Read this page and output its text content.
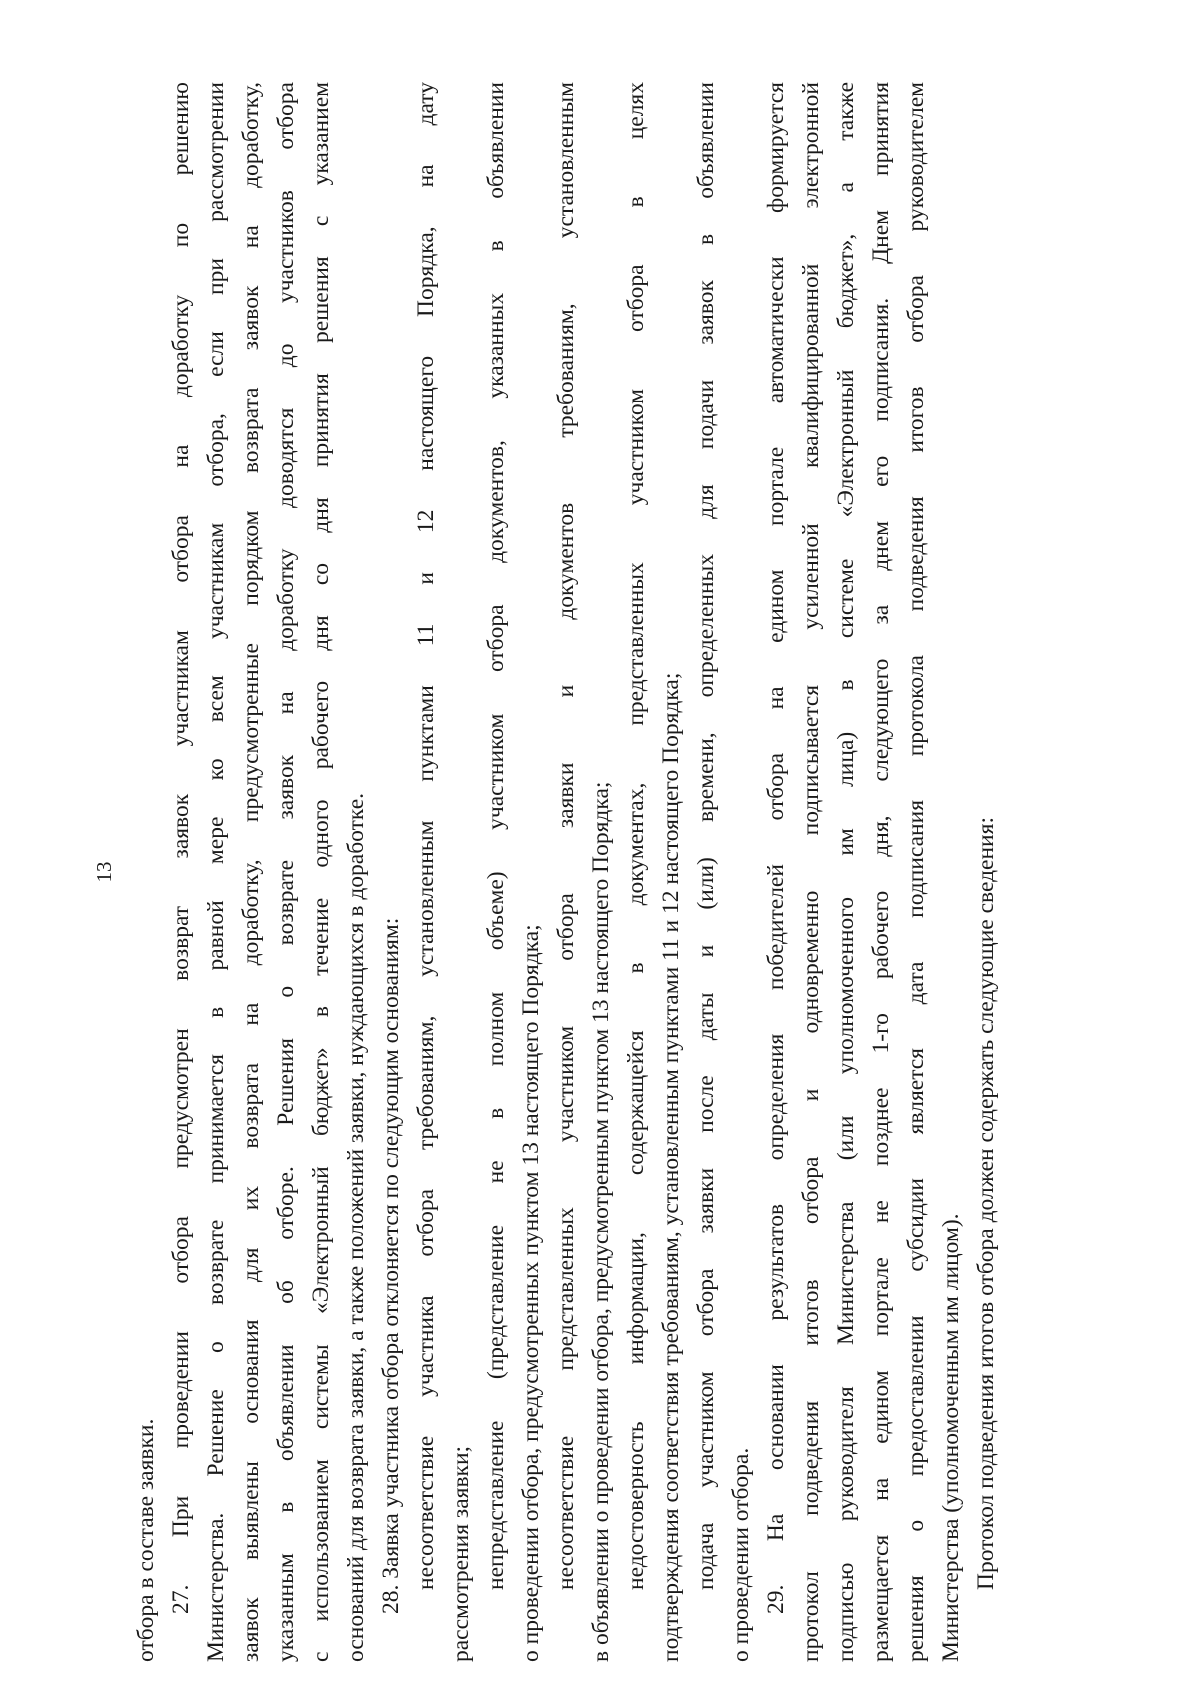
13
отбора в составе заявки. 27. При проведении отбора предусмотрен возврат заявок участникам отбора на доработку по решению Министерства. Решение о возврате принимается в равной мере ко всем участникам отбора, если при рассмотрении заявок выявлены основания для их возврата на доработку, предусмотренные порядком возврата заявок на доработку, указанным в объявлении об отборе. Решения о возврате заявок на доработку доводятся до участников отбора с использованием системы «Электронный бюджет» в течение одного рабочего дня со дня принятия решения с указанием оснований для возврата заявки, а также положений заявки, нуждающихся в доработке. 28. Заявка участника отбора отклоняется по следующим основаниям: несоответствие участника отбора требованиям, установленным пунктами 11 и 12 настоящего Порядка, на дату рассмотрения заявки; непредставление (представление не в полном объеме) участником отбора документов, указанных в объявлении о проведении отбора, предусмотренных пунктом 13 настоящего Порядка; несоответствие представленных участником отбора заявки и документов требованиям, установленным в объявлении о проведении отбора, предусмотренным пунктом 13 настоящего Порядка; недостоверность информации, содержащейся в документах, представленных участником отбора в целях подтверждения соответствия требованиям, установленным пунктами 11 и 12 настоящего Порядка; подача участником отбора заявки после даты и (или) времени, определенных для подачи заявок в объявлении о проведении отбора. 29. На основании результатов определения победителей отбора на едином портале автоматически формируется протокол подведения итогов отбора и одновременно подписывается усиленной квалифицированной электронной подписью руководителя Министерства (или уполномоченного им лица) в системе «Электронный бюджет», а также размещается на едином портале не позднее 1-го рабочего дня, следующего за днем его подписания. Днем принятия решения о предоставлении субсидии является дата подписания протокола подведения итогов отбора руководителем Министерства (уполномоченным им лицом). Протокол подведения итогов отбора должен содержать следующие сведения:
